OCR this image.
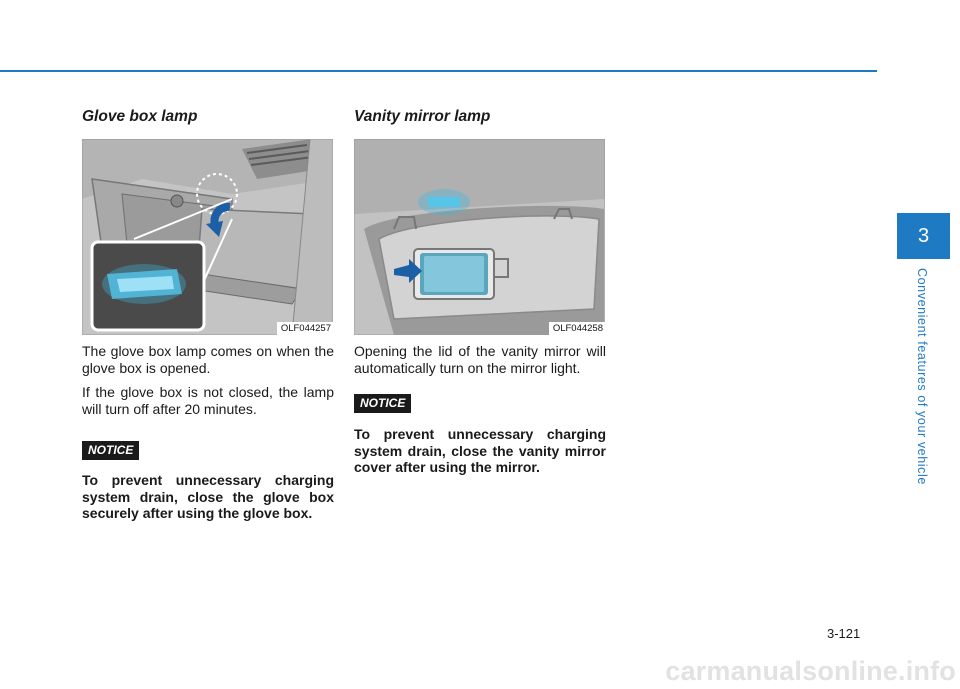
Glove box lamp
OLF044257

The glove box lamp comes on when the glove box is opened.

If the glove box is not closed, the lamp will turn off after 20 minutes.

NOTICE

To prevent unnecessary charging system drain, close the glove box securely after using the glove box.

Vanity mirror lamp
OLF044258

Opening the lid of the vanity mirror will automatically turn on the mirror light.

NOTICE

To prevent unnecessary charging system drain, close the vanity mirror cover after using the mirror.

3
Convenient features of your vehicle
3-121
carmanualsonline.info
